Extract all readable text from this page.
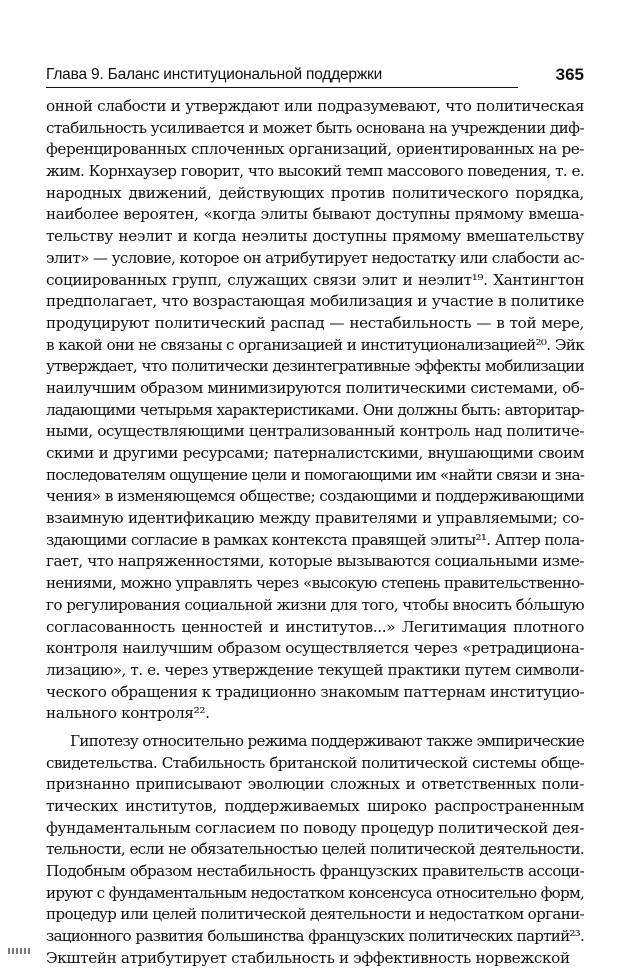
Глава 9. Баланс институциональной поддержки	365
онной слабости и утверждают или подразумевают, что политическая
стабильность усиливается и может быть основана на учреждении диф-
ференцированных сплоченных организаций, ориентированных на ре-
жим. Корнхаузер говорит, что высокий темп массового поведения, т. е.
народных движений, действующих против политического порядка,
наиболее вероятен, «когда элиты бывают доступны прямому вмеша-
тельству неэлит и когда неэлиты доступны прямому вмешательству
элит» — условие, которое он атрибутирует недостатку или слабости ас-
социированных групп, служащих связи элит и неэлит¹⁹. Хантингтон
предполагает, что возрастающая мобилизация и участие в политике
продуцируют политический распад — нестабильность — в той мере,
в какой они не связаны с организацией и институционализацией²⁰. Эйк
утверждает, что политически дезинтегративные эффекты мобилизации
наилучшим образом минимизируются политическими системами, об-
ладающими четырьмя характеристиками. Они должны быть: авторитар-
ными, осуществляющими централизованный контроль над политиче-
скими и другими ресурсами; патерналистскими, внушающими своим
последователям ощущение цели и помогающими им «найти связи и зна-
чения» в изменяющемся обществе; создающими и поддерживающими
взаимную идентификацию между правителями и управляемыми; со-
здающими согласие в рамках контекста правящей элиты²¹. Аптер пола-
гает, что напряженностями, которые вызываются социальными изме-
нениями, можно управлять через «высокую степень правительственно-
го регулирования социальной жизни для того, чтобы вносить бо́льшую
согласованность ценностей и институтов...» Легитимация плотного
контроля наилучшим образом осуществляется через «ретрадициона-
лизацию», т. е. через утверждение текущей практики путем символи-
ческого обращения к традиционно знакомым паттернам институцио-
нального контроля²².
Гипотезу относительно режима поддерживают также эмпирические
свидетельства. Стабильность британской политической системы обще-
признанно приписывают эволюции сложных и ответственных поли-
тических институтов, поддерживаемых широко распространенным
фундаментальным согласием по поводу процедур политической дея-
тельности, если не обязательностью целей политической деятельности.
Подобным образом нестабильность французских правительств ассоци-
ируют с фундаментальным недостатком консенсуса относительно форм,
процедур или целей политической деятельности и недостатком органи-
зационного развития большинства французских политических партий²³.
Экштейн атрибутирует стабильность и эффективность норвежской
